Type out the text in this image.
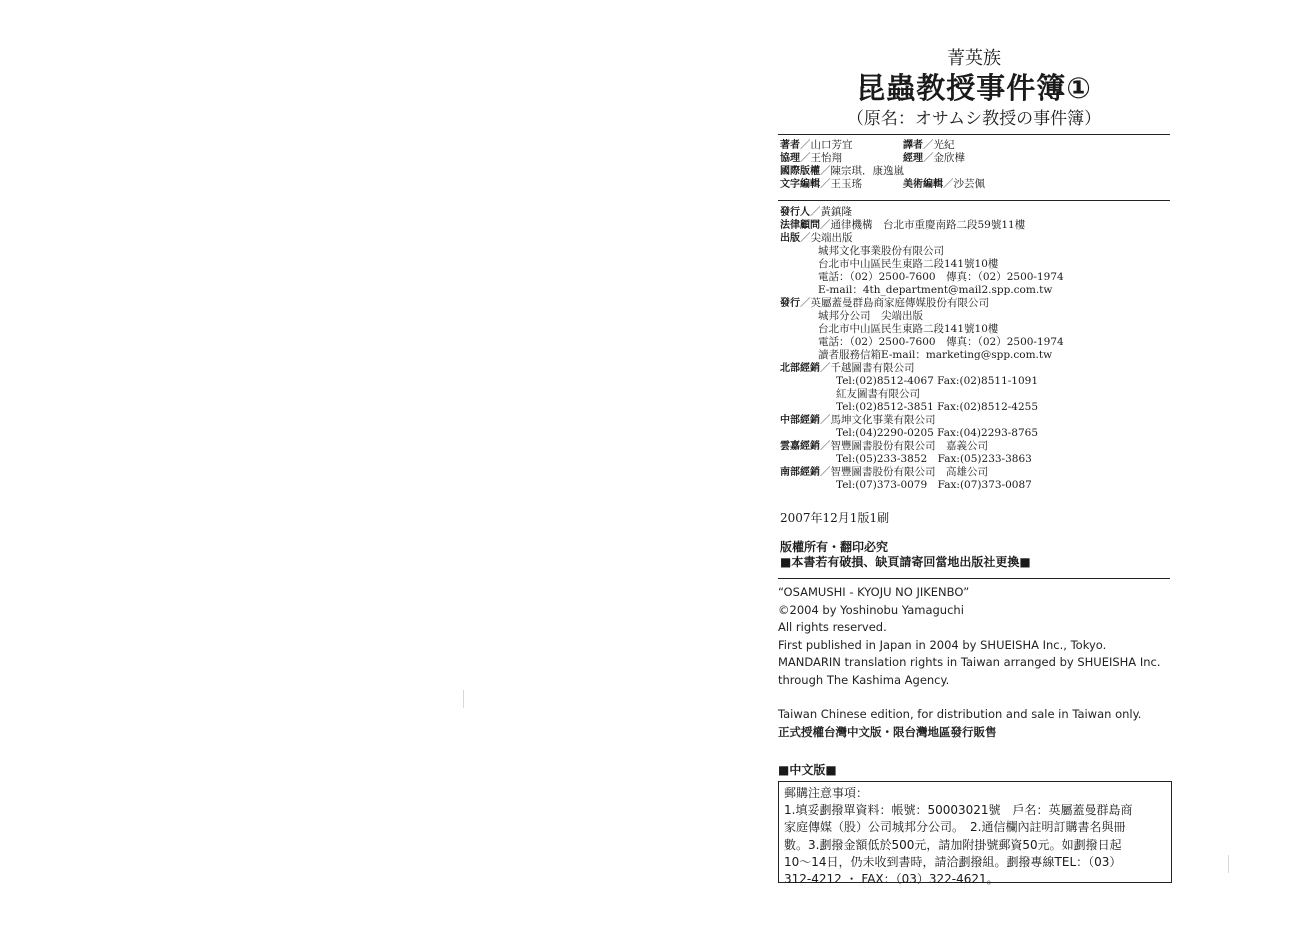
菁英族
昆蟲教授事件簿①
（原名：オサムシ教授の事件簿）
著者／山口芳宜	譯者／光紀
協理／王怡翔	經理／金欣樺
國際版權／陳宗琪．康逸嵐
文字編輯／王玉瑤	美術編輯／沙芸佩
發行人／黃鎮隆
法律顧問／通律機構　台北市重慶南路二段59號11樓
出版／尖端出版
城邦文化事業股份有限公司
台北市中山區民生東路二段141號10樓
電話：（02）2500-7600　傳真：（02）2500-1974
E-mail：4th_department@mail2.spp.com.tw
發行／英屬蓋曼群島商家庭傳媒股份有限公司
城邦分公司　尖端出版
台北市中山區民生東路二段141號10樓
電話：（02）2500-7600　傳真：（02）2500-1974
讀者服務信箱E-mail：marketing@spp.com.tw
北部經銷／千越圖書有限公司
Tel:(02)8512-4067 Fax:(02)8511-1091
紅友圖書有限公司
Tel:(02)8512-3851 Fax:(02)8512-4255
中部經銷／馬坤文化事業有限公司
Tel:(04)2290-0205 Fax:(04)2293-8765
雲嘉經銷／智豐圖書股份有限公司　嘉義公司
Tel:(05)233-3852　Fax:(05)233-3863
南部經銷／智豐圖書股份有限公司　高雄公司
Tel:(07)373-0079　Fax:(07)373-0087
2007年12月1版1刷
版權所有・翻印必究
■本書若有破損、缺頁請寄回當地出版社更換■
“OSAMUSHI - KYOJU NO JIKENBO”
©2004 by Yoshinobu Yamaguchi
All rights reserved.
First published in Japan in 2004 by SHUEISHA Inc., Tokyo.
MANDARIN translation rights in Taiwan arranged by SHUEISHA Inc.
through The Kashima Agency.
Taiwan Chinese edition, for distribution and sale in Taiwan only.
正式授權台灣中文版・限台灣地區發行販售
■中文版■
郵購注意事項：
1.填妥劃撥單資料：帳號：50003021號　戶名：英屬蓋曼群島商
家庭傳媒（股）公司城邦分公司。　2.通信欄內註明訂購書名與冊
數。3.劃撥金額低於500元，請加附掛號郵資50元。如劃撥日起
10～14日，仍未收到書時，請洽劃撥組。劃撥專線TEL：（03）
312-4212 ・ FAX：（03）322-4621。
